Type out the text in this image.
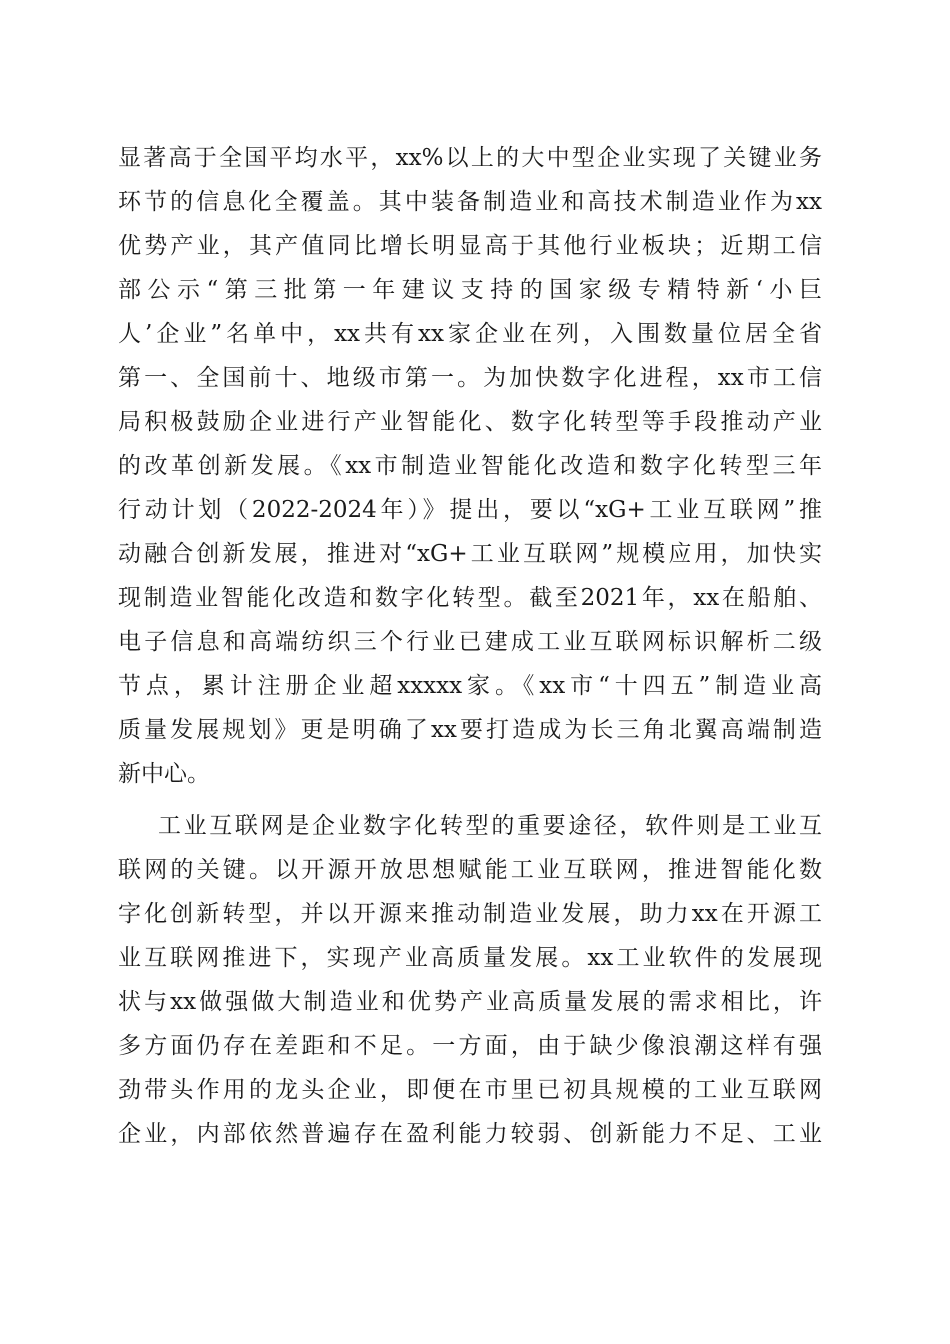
显著高于全国平均水平，xx%以上的大中型企业实现了关键业务
环节的信息化全覆盖。其中装备制造业和高技术制造业作为xx
优势产业，其产值同比增长明显高于其他行业板块；近期工信
部公示“第三批第一年建议支持的国家级专精特新‘小巨
人’企业”名单中，xx共有xx家企业在列，入围数量位居全省
第一、全国前十、地级市第一。为加快数字化进程，xx市工信
局积极鼓励企业进行产业智能化、数字化转型等手段推动产业
的改革创新发展。《xx市制造业智能化改造和数字化转型三年
行动计划（2022-2024年）》提出，要以“xG+工业互联网”推
动融合创新发展，推进对“xG+工业互联网”规模应用，加快实
现制造业智能化改造和数字化转型。截至2021年，xx在船舶、
电子信息和高端纺织三个行业已建成工业互联网标识解析二级
节点，累计注册企业超xxxxx家。《xx市“十四五”制造业高
质量发展规划》更是明确了xx要打造成为长三角北翼高端制造
新中心。
工业互联网是企业数字化转型的重要途径，软件则是工业互
联网的关键。以开源开放思想赋能工业互联网，推进智能化数
字化创新转型，并以开源来推动制造业发展，助力xx在开源工
业互联网推进下，实现产业高质量发展。xx工业软件的发展现
状与xx做强做大制造业和优势产业高质量发展的需求相比，许
多方面仍存在差距和不足。一方面，由于缺少像浪潮这样有强
劲带头作用的龙头企业，即便在市里已初具规模的工业互联网
企业，内部依然普遍存在盈利能力较弱、创新能力不足、工业
